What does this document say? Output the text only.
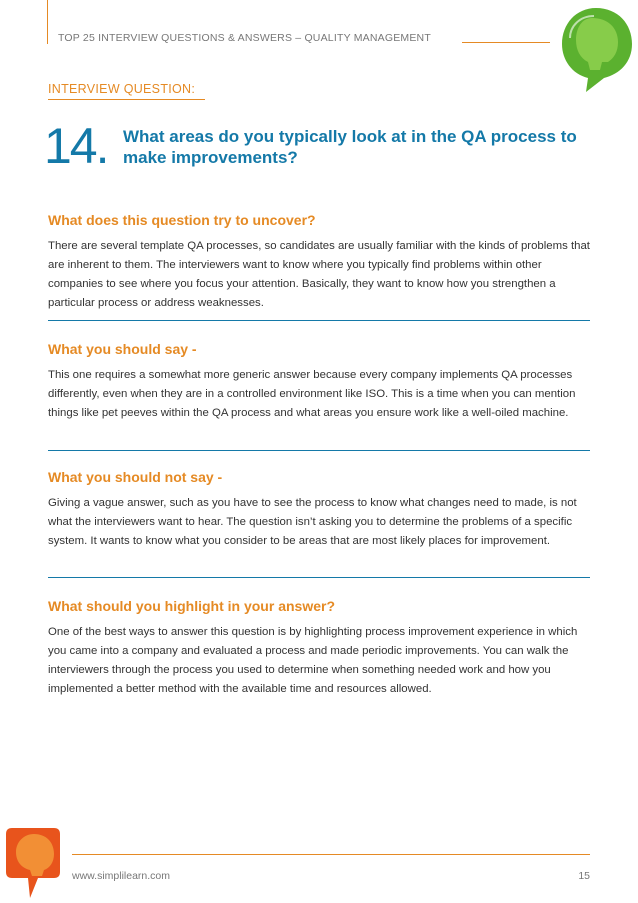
TOP 25 INTERVIEW QUESTIONS & ANSWERS – QUALITY MANAGEMENT
INTERVIEW QUESTION:
14. What areas do you typically look at in the QA process to make improvements?
What does this question try to uncover?

There are several template QA processes, so candidates are usually familiar with the kinds of problems that are inherent to them. The interviewers want to know where you typically find problems within other companies to see where you focus your attention. Basically, they want to know how you strengthen a particular process or address weaknesses.

What you should say -

This one requires a somewhat more generic answer because every company implements QA processes differently, even when they are in a controlled environment like ISO. This is a time when you can mention things like pet peeves within the QA process and what areas you ensure work like a well-oiled machine.

What you should not say -

Giving a vague answer, such as you have to see the process to know what changes need to made, is not what the interviewers want to hear. The question isn’t asking you to determine the problems of a specific system. It wants to know what you consider to be areas that are most likely places for improvement.

What should you highlight in your answer?

One of the best ways to answer this question is by highlighting process improvement experience in which you came into a company and evaluated a process and made periodic improvements. You can walk the interviewers through the process you used to determine when something needed work and how you implemented a better method with the available time and resources allowed.

www.simplilearn.com	15
